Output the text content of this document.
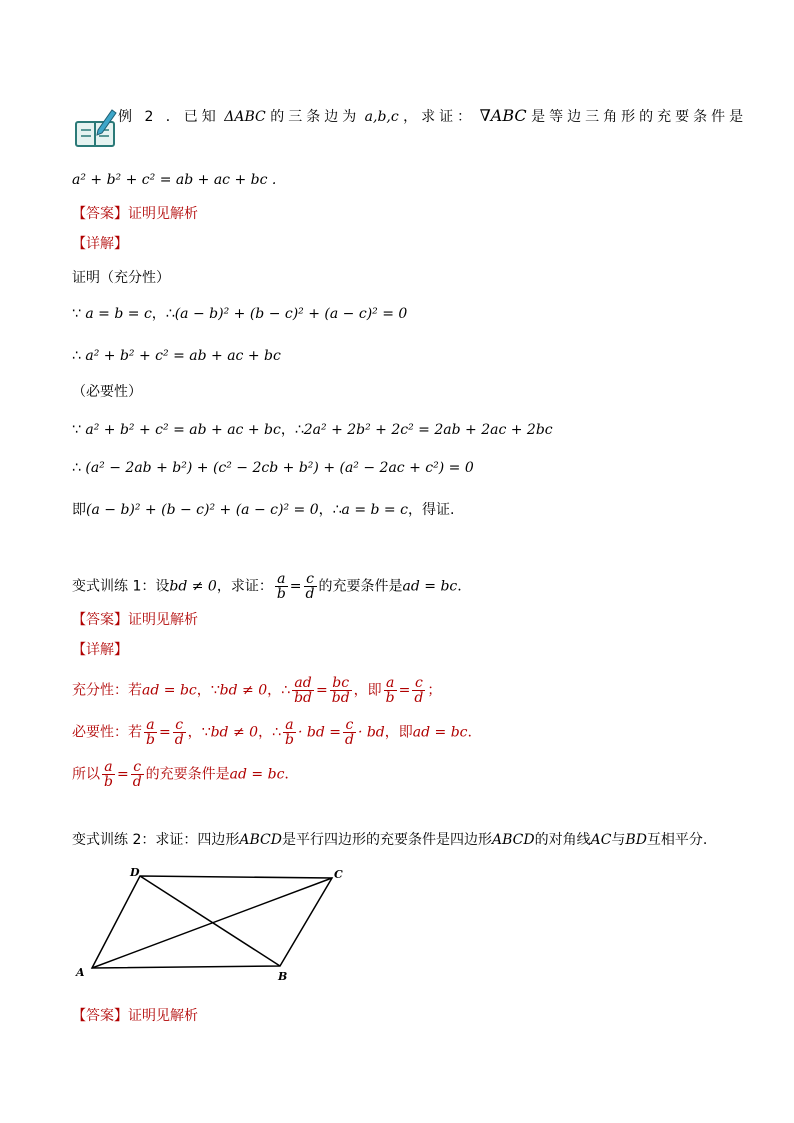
例 2 ．已知 ΔABC 的三条边为 a,b,c ，求证： ∇ABC 是等边三角形的充要条件是
a² + b² + c² = ab + ac + bc .
【答案】证明见解析
【详解】
证明（充分性）
∵ a = b = c，∴(a − b)² + (b − c)² + (a − c)² = 0
∴ a² + b² + c² = ab + ac + bc
（必要性）
∵ a² + b² + c² = ab + ac + bc，∴2a² + 2b² + 2c² = 2ab + 2ac + 2bc
∴ (a² − 2ab + b²) + (c² − 2cb + b²) + (a² − 2ac + c²) = 0
即(a − b)² + (b − c)² + (a − c)² = 0，∴a = b = c，得证.
变式训练 1：设bd ≠ 0，求证： $\frac{a}{b} = \frac{c}{d}$ 的充要条件是ad = bc.
【答案】证明见解析
【详解】
充分性：若ad = bc，∵bd ≠ 0，∴ $\frac{ad}{bd} = \frac{bc}{bd}$ ，即 $\frac{a}{b} = \frac{c}{d}$ ；
必要性：若 $\frac{a}{b} = \frac{c}{d}$ ，∵bd ≠ 0，∴ $\frac{a}{b}$ · bd = $\frac{c}{d}$ · bd，即ad = bc.
所以 $\frac{a}{b} = \frac{c}{d}$ 的充要条件是ad = bc.
变式训练 2：求证：四边形ABCD是平行四边形的充要条件是四边形ABCD的对角线AC与BD互相平分.
A	B
C
D
【答案】证明见解析
